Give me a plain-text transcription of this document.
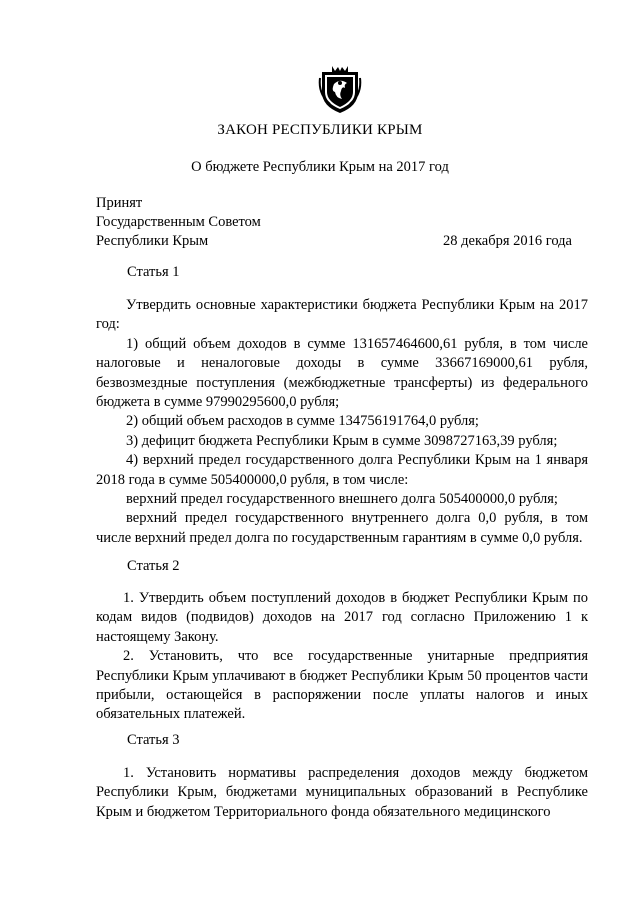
ЗАКОН РЕСПУБЛИКИ КРЫМ
О бюджете Республики Крым на 2017 год
Принят
Государственным Советом
Республики Крым	28 декабря 2016 года
Статья 1
Утвердить основные характеристики бюджета Республики Крым на 2017 год:
1) общий объем доходов в сумме 131657464600,61 рубля, в том числе налоговые и неналоговые доходы в сумме 33667169000,61 рубля, безвозмездные поступления (межбюджетные трансферты) из федерального бюджета в сумме 97990295600,0 рубля;
2) общий объем расходов в сумме 134756191764,0 рубля;
3) дефицит бюджета Республики Крым в сумме 3098727163,39 рубля;
4) верхний предел государственного долга Республики Крым на 1 января 2018 года в сумме 505400000,0 рубля, в том числе:
верхний предел государственного внешнего долга 505400000,0 рубля;
верхний предел государственного внутреннего долга 0,0 рубля, в том числе верхний предел долга по государственным гарантиям в сумме 0,0 рубля.
Статья 2
1. Утвердить объем поступлений доходов в бюджет Республики Крым по кодам видов (подвидов) доходов на 2017 год согласно Приложению 1 к настоящему Закону.
2. Установить, что все государственные унитарные предприятия Республики Крым уплачивают в бюджет Республики Крым 50 процентов части прибыли, остающейся в распоряжении после уплаты налогов и иных обязательных платежей.
Статья 3
1. Установить нормативы распределения доходов между бюджетом Республики Крым, бюджетами муниципальных образований в Республике Крым и бюджетом Территориального фонда обязательного медицинского
